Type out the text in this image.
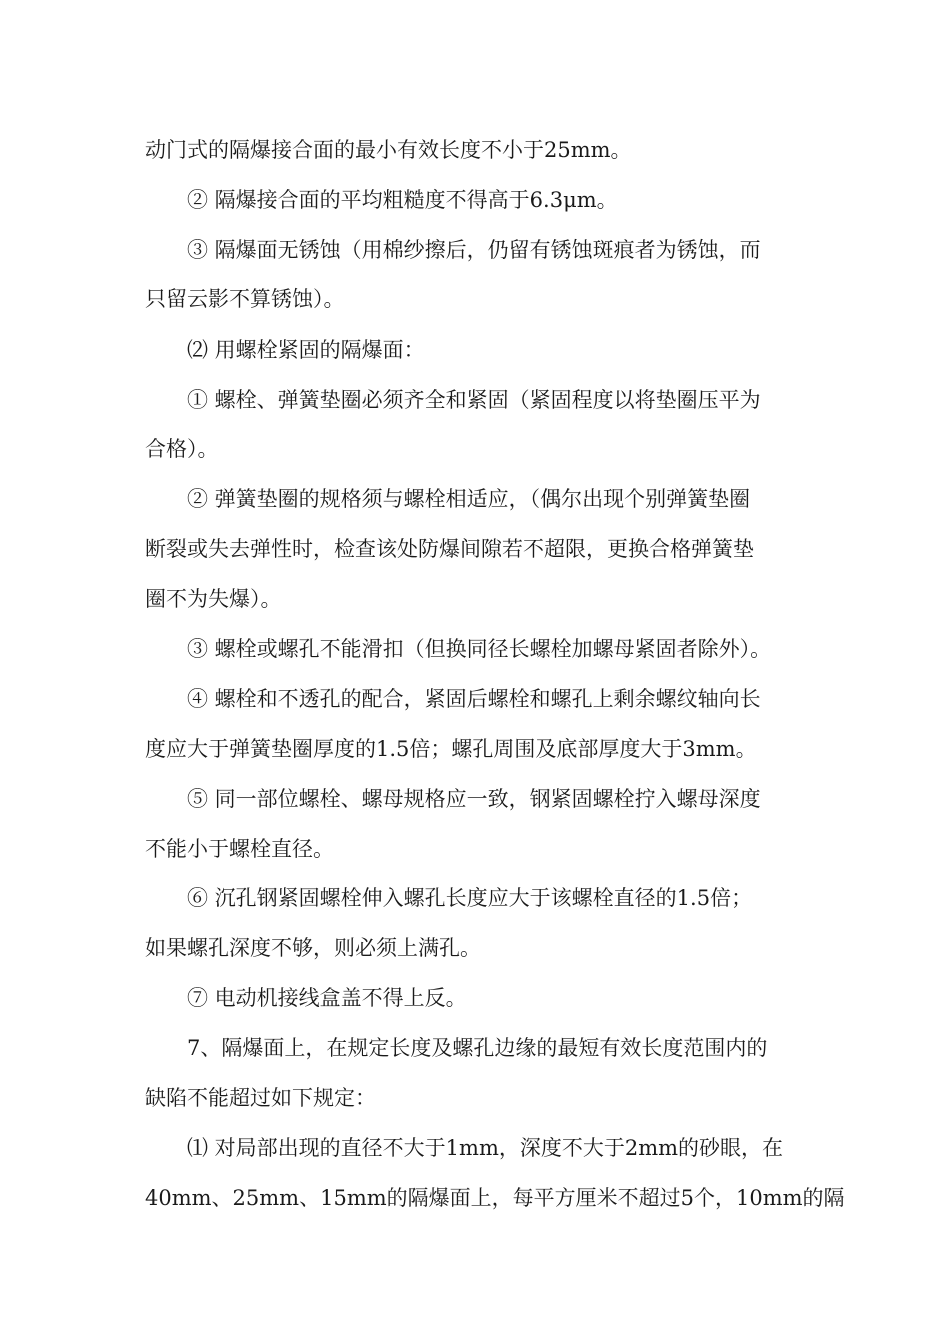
动门式的隔爆接合面的最小有效长度不小于25mm。
② 隔爆接合面的平均粗糙度不得高于6.3μm。
③ 隔爆面无锈蚀（用棉纱擦后，仍留有锈蚀斑痕者为锈蚀，而
只留云影不算锈蚀）。
⑵ 用螺栓紧固的隔爆面：
① 螺栓、弹簧垫圈必须齐全和紧固（紧固程度以将垫圈压平为
合格）。
② 弹簧垫圈的规格须与螺栓相适应，（偶尔出现个别弹簧垫圈
断裂或失去弹性时，检查该处防爆间隙若不超限，更换合格弹簧垫
圈不为失爆）。
③ 螺栓或螺孔不能滑扣（但换同径长螺栓加螺母紧固者除外）。
④ 螺栓和不透孔的配合，紧固后螺栓和螺孔上剩余螺纹轴向长
度应大于弹簧垫圈厚度的1.5倍；螺孔周围及底部厚度大于3mm。
⑤ 同一部位螺栓、螺母规格应一致，钢紧固螺栓拧入螺母深度
不能小于螺栓直径。
⑥ 沉孔钢紧固螺栓伸入螺孔长度应大于该螺栓直径的1.5倍；
如果螺孔深度不够，则必须上满孔。
⑦ 电动机接线盒盖不得上反。
7、隔爆面上，在规定长度及螺孔边缘的最短有效长度范围内的
缺陷不能超过如下规定：
⑴ 对局部出现的直径不大于1mm，深度不大于2mm的砂眼，在
40mm、25mm、15mm的隔爆面上，每平方厘米不超过5个，10mm的隔
